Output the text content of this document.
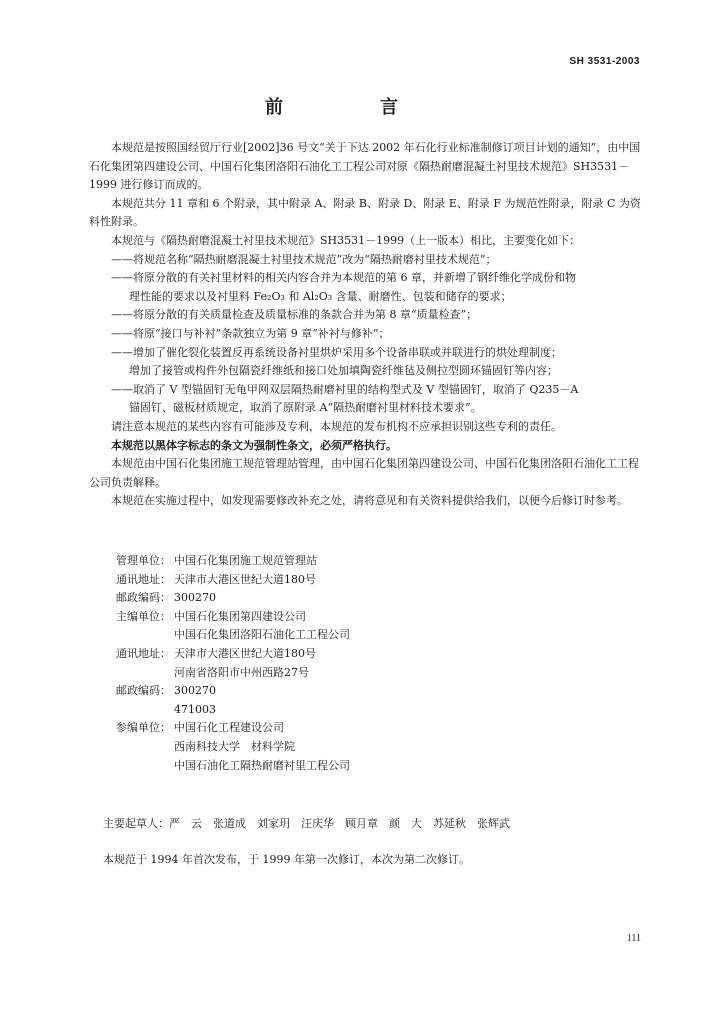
SH 3531-2003
前	言

本规范是按照国经贸厅行业[2002]36 号文“关于下达 2002 年石化行业标准制修订项目计划的通知”，由中国石化集团第四建设公司、中国石化集团洛阳石油化工工程公司对原《隔热耐磨混凝土衬里技术规范》SH3531－1999 进行修订而成的。

本规范共分 11 章和 6 个附录，其中附录 A、附录 B、附录 D、附录 E、附录 F 为规范性附录，附录 C 为资料性附录。

本规范与《隔热耐磨混凝土衬里技术规范》SH3531－1999（上一版本）相比，主要变化如下：

——将规范名称“隔热耐磨混凝土衬里技术规范”改为“隔热耐磨衬里技术规范”；

——将原分散的有关衬里材料的相关内容合并为本规范的第 6 章，并新增了钢纤维化学成份和物

理性能的要求以及衬里料 Fe₂O₃ 和 Al₂O₃ 含量、耐磨性、包装和储存的要求；

——将原分散的有关质量检查及质量标准的条款合并为第 8 章“质量检查”；

——将原“接口与补衬”条款独立为第 9 章“补衬与修补”；

——增加了催化裂化装置反再系统设备衬里烘炉采用多个设备串联或并联进行的烘处理制度；

增加了接管或构件外包隔瓷纤维纸和接口处加填陶瓷纤维毡及侧拉型圆环锚固钉等内容；

——取消了 V 型锚固钉无龟甲网双层隔热耐磨衬里的结构型式及 V 型锚固钉，取消了 Q235－A

锚固钉、磁板材质规定，取消了原附录 A“隔热耐磨衬里材料技术要求”。

请注意本规范的某些内容有可能涉及专利，本规范的发布机构不应承担识别这些专利的责任。

本规范以黑体字标志的条文为强制性条文，必须严格执行。

本规范由中国石化集团施工规范管理站管理，由中国石化集团第四建设公司、中国石化集团洛阳石油化工工程公司负责解释。

本规范在实施过程中，如发现需要修改补充之处，请将意见和有关资料提供给我们，以便今后修订时参考。

管理单位： 中国石化集团施工规范管理站
通讯地址： 天津市大港区世纪大道180号
邮政编码： 300270
主编单位： 中国石化集团第四建设公司
中国石化集团洛阳石油化工工程公司
通讯地址： 天津市大港区世纪大道180号
河南省洛阳市中州西路27号
邮政编码： 300270
471003
参编单位： 中国石化工程建设公司
西南科技大学　材料学院
中国石油化工隔热耐磨衬里工程公司
主要起草人：严　云　张道成　刘家玥　汪庆华　顾月章　颜　大　苏延秋　张辉武
本规范于 1994 年首次发布，于 1999 年第一次修订，本次为第二次修订。
111
